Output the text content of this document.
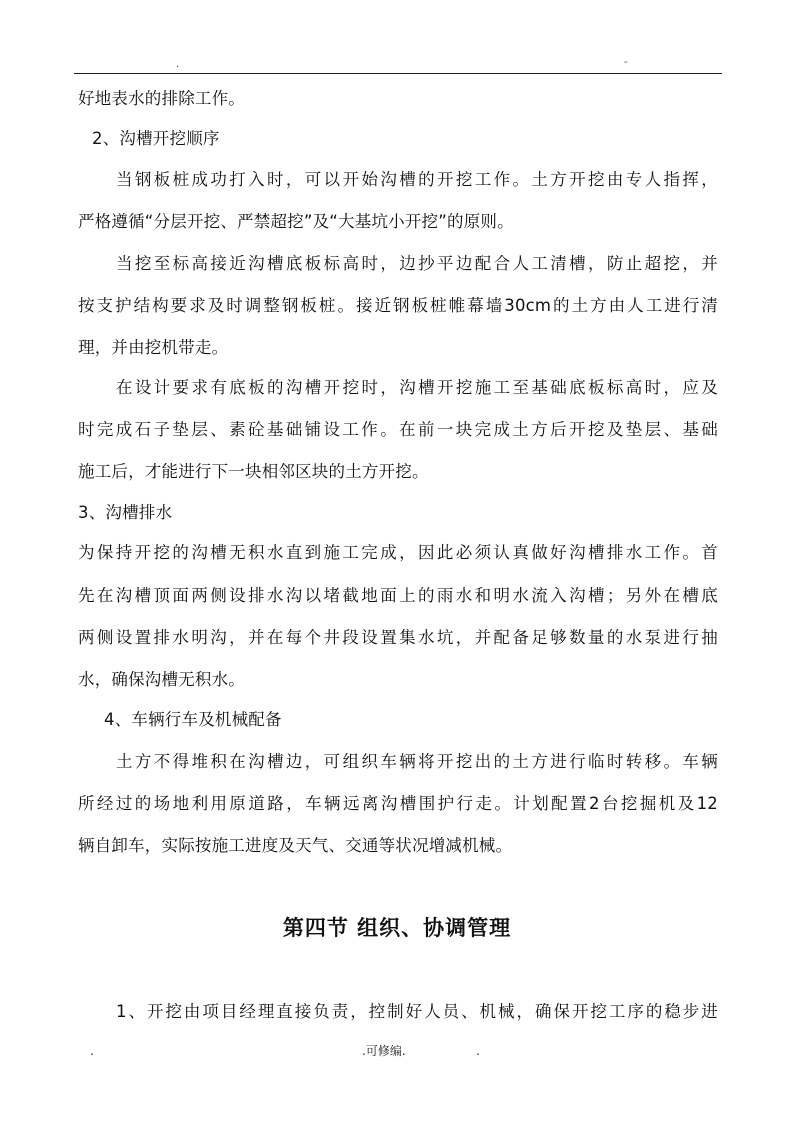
.	-
好地表水的排除工作。
2、沟槽开挖顺序
当钢板桩成功打入时，可以开始沟槽的开挖工作。土方开挖由专人指挥，
严格遵循“分层开挖、严禁超挖”及“大基坑小开挖”的原则。
当挖至标高接近沟槽底板标高时，边抄平边配合人工清槽，防止超挖，并
按支护结构要求及时调整钢板桩。接近钢板桩帷幕墙30cm的土方由人工进行清
理，并由挖机带走。
在设计要求有底板的沟槽开挖时，沟槽开挖施工至基础底板标高时，应及
时完成石子垫层、素砼基础铺设工作。在前一块完成土方后开挖及垫层、基础
施工后，才能进行下一块相邻区块的土方开挖。
3、沟槽排水
为保持开挖的沟槽无积水直到施工完成，因此必须认真做好沟槽排水工作。首
先在沟槽顶面两侧设排水沟以堵截地面上的雨水和明水流入沟槽；另外在槽底
两侧设置排水明沟，并在每个井段设置集水坑，并配备足够数量的水泵进行抽
水，确保沟槽无积水。
4、车辆行车及机械配备
土方不得堆积在沟槽边，可组织车辆将开挖出的土方进行临时转移。车辆
所经过的场地利用原道路，车辆远离沟槽围护行走。计划配置2台挖掘机及12
辆自卸车，实际按施工进度及天气、交通等状况增减机械。
第四节 组织、协调管理
1、开挖由项目经理直接负责，控制好人员、机械，确保开挖工序的稳步进
.	.可修编.	.
